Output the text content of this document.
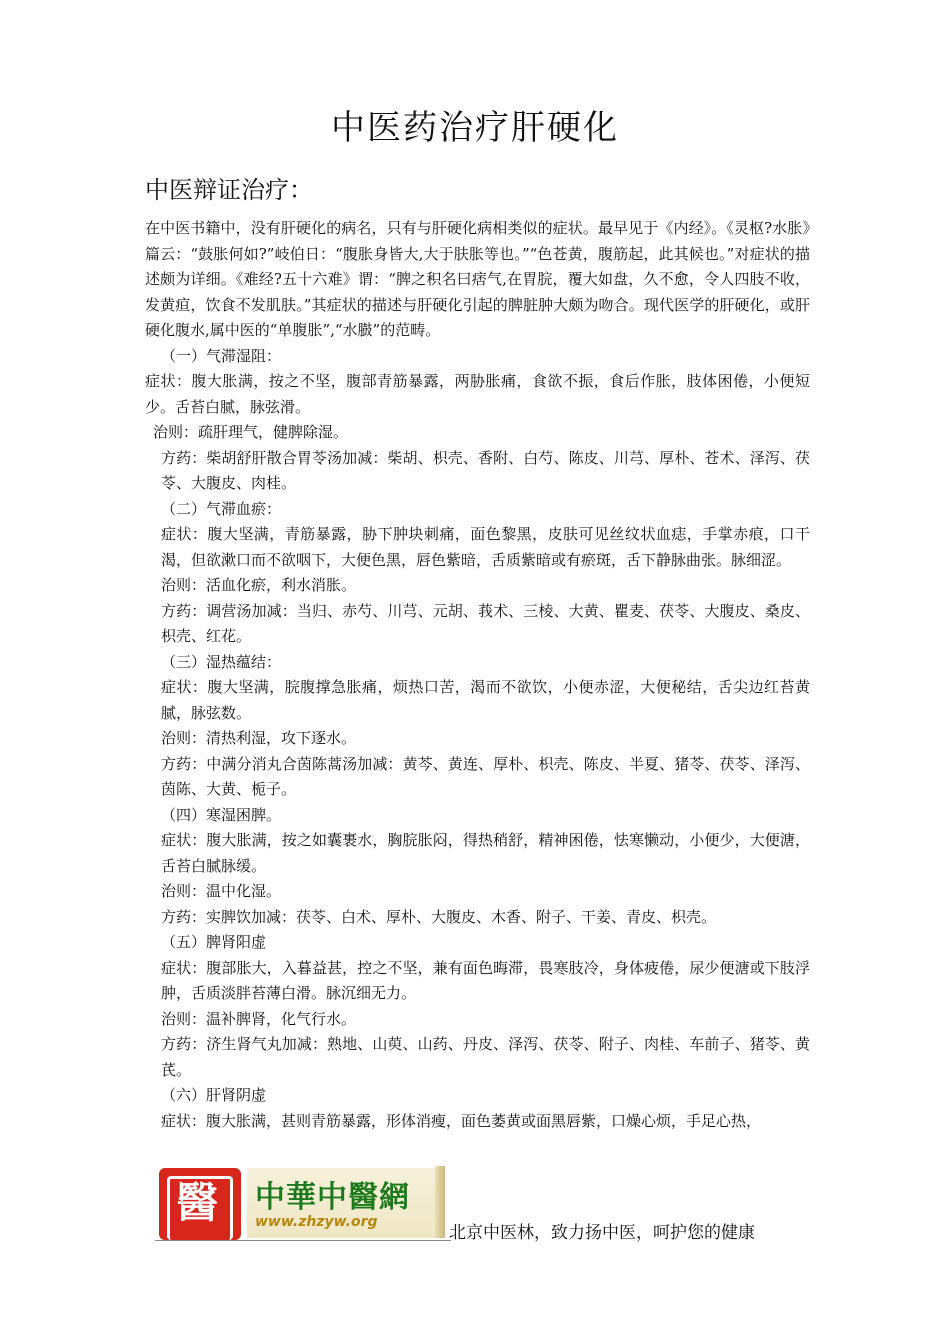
中医药治疗肝硬化
中医辩证治疗：

在中医书籍中，没有肝硬化的病名，只有与肝硬化病相类似的症状。最早见于《内经》。《灵枢?水胀》篇云：“鼓胀何如?”岐伯日：“腹胀身皆大,大于肤胀等也。”“色苍黄，腹筋起，此其候也。”对症状的描述颇为详细。《难经?五十六难》谓：“脾之积名曰痞气,在胃脘，覆大如盘，久不愈，令人四肢不收，发黄疸，饮食不发肌肤。”其症状的描述与肝硬化引起的脾脏肿大颇为吻合。现代医学的肝硬化，或肝硬化腹水,属中医的“单腹胀”,“水臌”的范畴。

（一）气滞湿阻：

症状：腹大胀满，按之不坚，腹部青筋暴露，两胁胀痛，食欲不振，食后作胀，肢体困倦，小便短少。舌苔白腻，脉弦滑。

治则：疏肝理气，健脾除湿。

方药：柴胡舒肝散合胃苓汤加减：柴胡、枳壳、香附、白芍、陈皮、川芎、厚朴、苍术、泽泻、茯苓、大腹皮、肉桂。

（二）气滞血瘀：

症状：腹大坚满，青筋暴露，胁下肿块刺痛，面色黎黑，皮肤可见丝纹状血痣，手掌赤痕，口干渴，但欲漱口而不欲咽下，大便色黑，唇色紫暗，舌质紫暗或有瘀斑，舌下静脉曲张。脉细涩。

治则：活血化瘀，利水消胀。

方药：调营汤加减：当归、赤芍、川芎、元胡、莪术、三棱、大黄、瞿麦、茯苓、大腹皮、桑皮、枳壳、红花。

（三）湿热蕴结：

症状：腹大坚满，脘腹撑急胀痛，烦热口苦，渴而不欲饮，小便赤涩，大便秘结，舌尖边红苔黄腻，脉弦数。

治则：清热利湿，攻下逐水。

方药：中满分消丸合茵陈蒿汤加减：黄芩、黄连、厚朴、枳壳、陈皮、半夏、猪苓、茯苓、泽泻、茵陈、大黄、栀子。

（四）寒湿困脾。

症状：腹大胀满，按之如囊裹水，胸脘胀闷，得热稍舒，精神困倦，怯寒懒动，小便少，大便溏，舌苔白腻脉缓。

治则：温中化湿。

方药：实脾饮加减：茯苓、白术、厚朴、大腹皮、木香、附子、干姜、青皮、枳壳。

（五）脾肾阳虚

症状：腹部胀大，入暮益甚，控之不坚，兼有面色晦滞，畏寒肢冷，身体疲倦，尿少便溏或下肢浮肿，舌质淡胖苔薄白滑。脉沉细无力。

治则：温补脾肾，化气行水。

方药：济生肾气丸加减：熟地、山萸、山药、丹皮、泽泻、茯苓、附子、肉桂、车前子、猪苓、黄芪。

（六）肝肾阴虚

症状：腹大胀满，甚则青筋暴露，形体消瘦，面色萎黄或面黑唇紫，口燥心烦，手足心热，

醫 中華中醫網
www.zhzyw.org
北京中医林，致力扬中医，呵护您的健康
